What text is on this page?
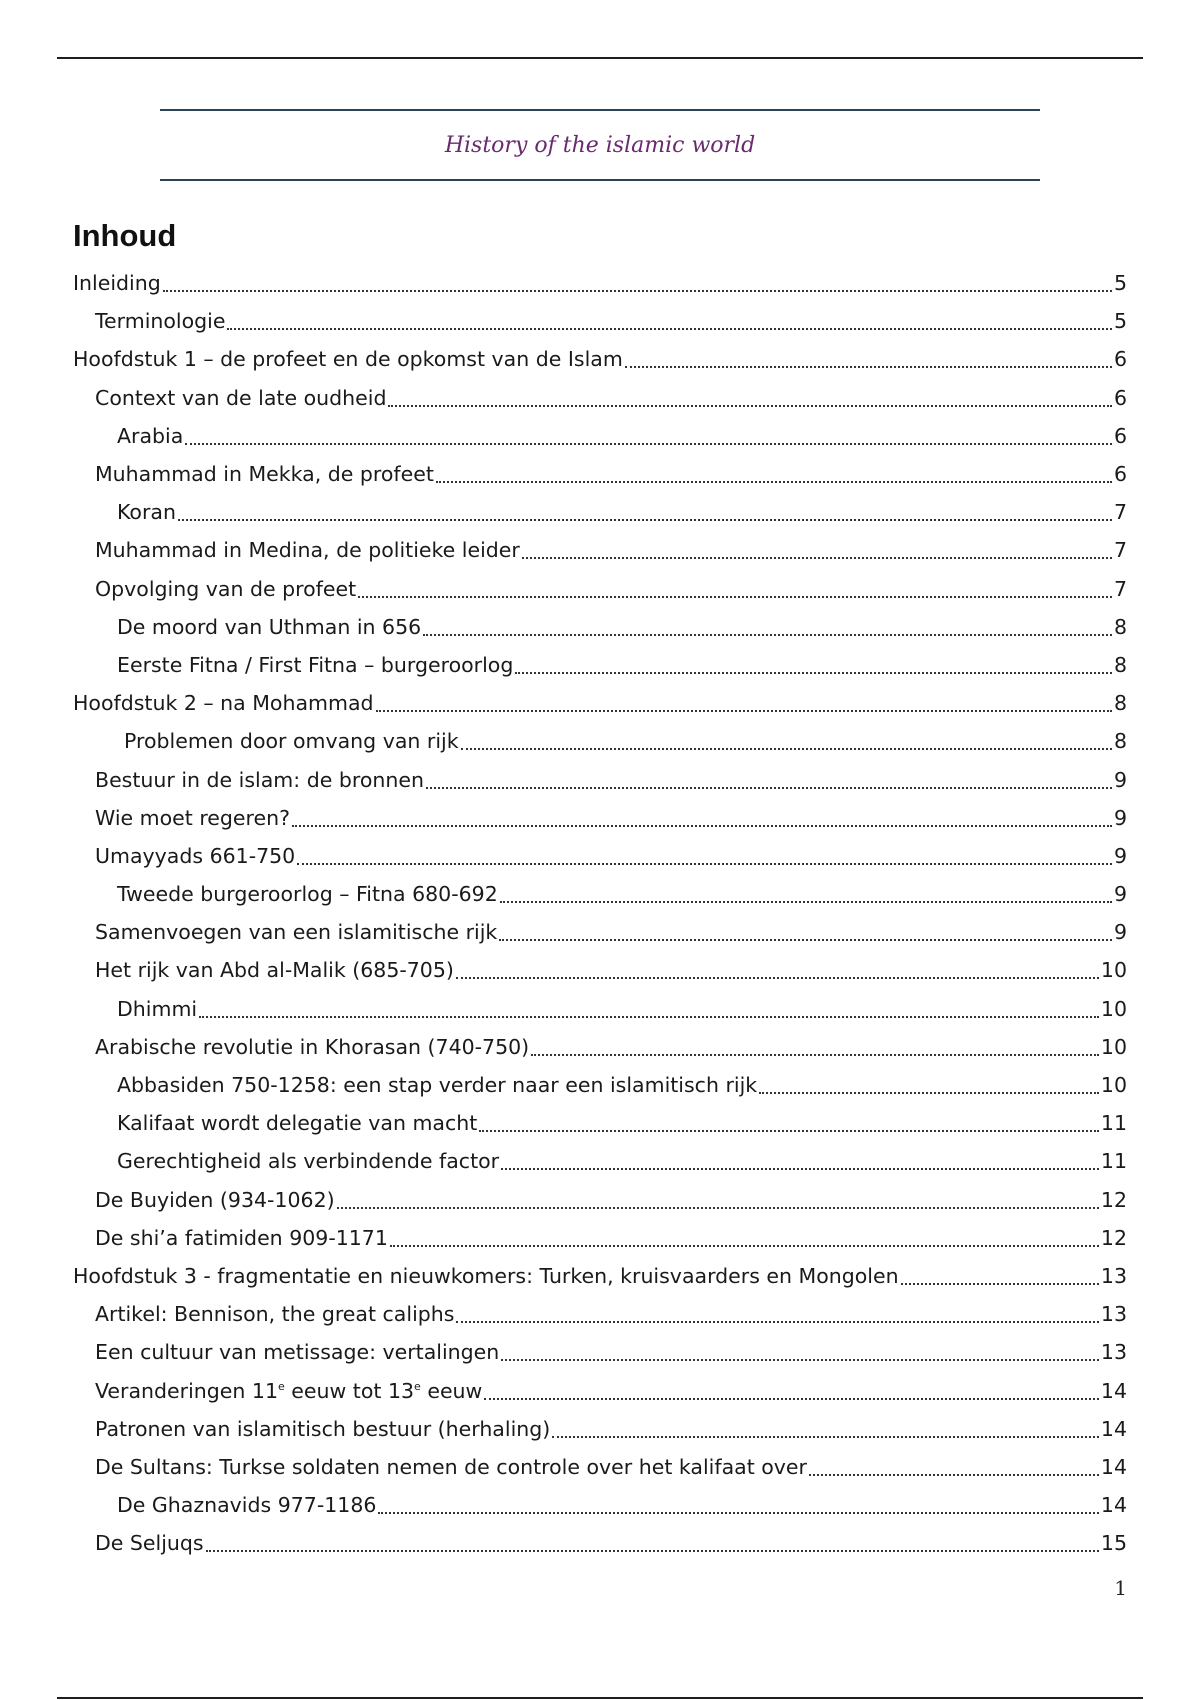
History of the islamic world
Inhoud
Inleiding	5
Terminologie	5
Hoofdstuk 1 – de profeet en de opkomst van de Islam	6
Context van de late oudheid	6
Arabia	6
Muhammad in Mekka, de profeet	6
Koran	7
Muhammad in Medina, de politieke leider	7
Opvolging van de profeet	7
De moord van Uthman in 656	8
Eerste Fitna / First Fitna – burgeroorlog	8
Hoofdstuk 2 – na Mohammad	8
Problemen door omvang van rijk	8
Bestuur in de islam: de bronnen	9
Wie moet regeren?	9
Umayyads 661-750	9
Tweede burgeroorlog – Fitna 680-692	9
Samenvoegen van een islamitische rijk	9
Het rijk van Abd al-Malik (685-705)	10
Dhimmi	10
Arabische revolutie in Khorasan (740-750)	10
Abbasiden 750-1258: een stap verder naar een islamitisch rijk	10
Kalifaat wordt delegatie van macht	11
Gerechtigheid als verbindende factor	11
De Buyiden (934-1062)	12
De shi’a fatimiden 909-1171	12
Hoofdstuk 3 - fragmentatie en nieuwkomers: Turken, kruisvaarders en Mongolen	13
Artikel: Bennison, the great caliphs	13
Een cultuur van metissage: vertalingen	13
Veranderingen 11e eeuw tot 13e eeuw	14
Patronen van islamitisch bestuur (herhaling)	14
De Sultans: Turkse soldaten nemen de controle over het kalifaat over	14
De Ghaznavids 977-1186	14
De Seljuqs	15
1
